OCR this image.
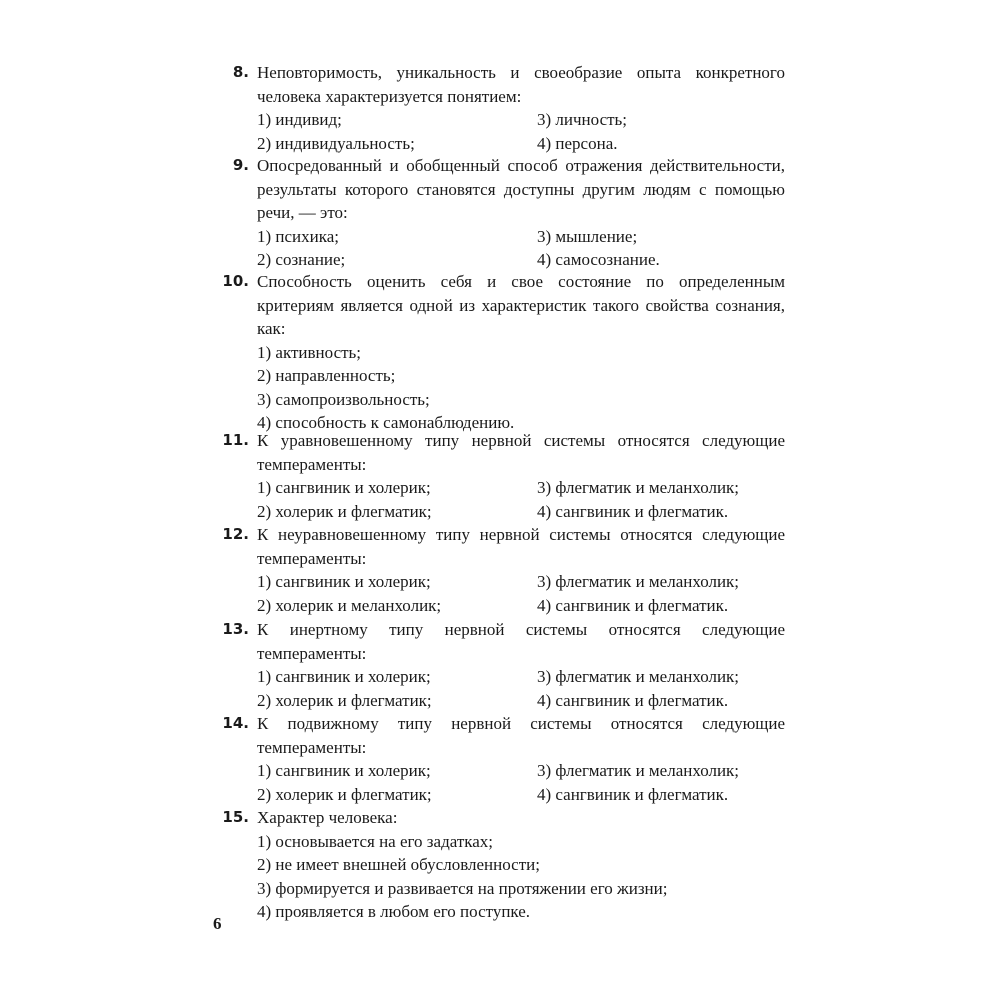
8. Неповторимость, уникальность и своеобразие опыта конкретного человека характеризуется понятием:
1) индивид;	3) личность;
2) индивидуальность;	4) персона.
9. Опосредованный и обобщенный способ отражения действительности, результаты которого становятся доступны другим людям с помощью речи, — это:
1) психика;	3) мышление;
2) сознание;	4) самосознание.
10. Способность оценить себя и свое состояние по определенным критериям является одной из характеристик такого свойства сознания, как:
1) активность;
2) направленность;
3) самопроизвольность;
4) способность к самонаблюдению.
11. К уравновешенному типу нервной системы относятся следующие темпераменты:
1) сангвиник и холерик;	3) флегматик и меланхолик;
2) холерик и флегматик;	4) сангвиник и флегматик.
12. К неуравновешенному типу нервной системы относятся следующие темпераменты:
1) сангвиник и холерик;	3) флегматик и меланхолик;
2) холерик и меланхолик;	4) сангвиник и флегматик.
13. К инертному типу нервной системы относятся следующие темпераменты:
1) сангвиник и холерик;	3) флегматик и меланхолик;
2) холерик и флегматик;	4) сангвиник и флегматик.
14. К подвижному типу нервной системы относятся следующие темпераменты:
1) сангвиник и холерик;	3) флегматик и меланхолик;
2) холерик и флегматик;	4) сангвиник и флегматик.
15. Характер человека:
1) основывается на его задатках;
2) не имеет внешней обусловленности;
3) формируется и развивается на протяжении его жизни;
4) проявляется в любом его поступке.
6
